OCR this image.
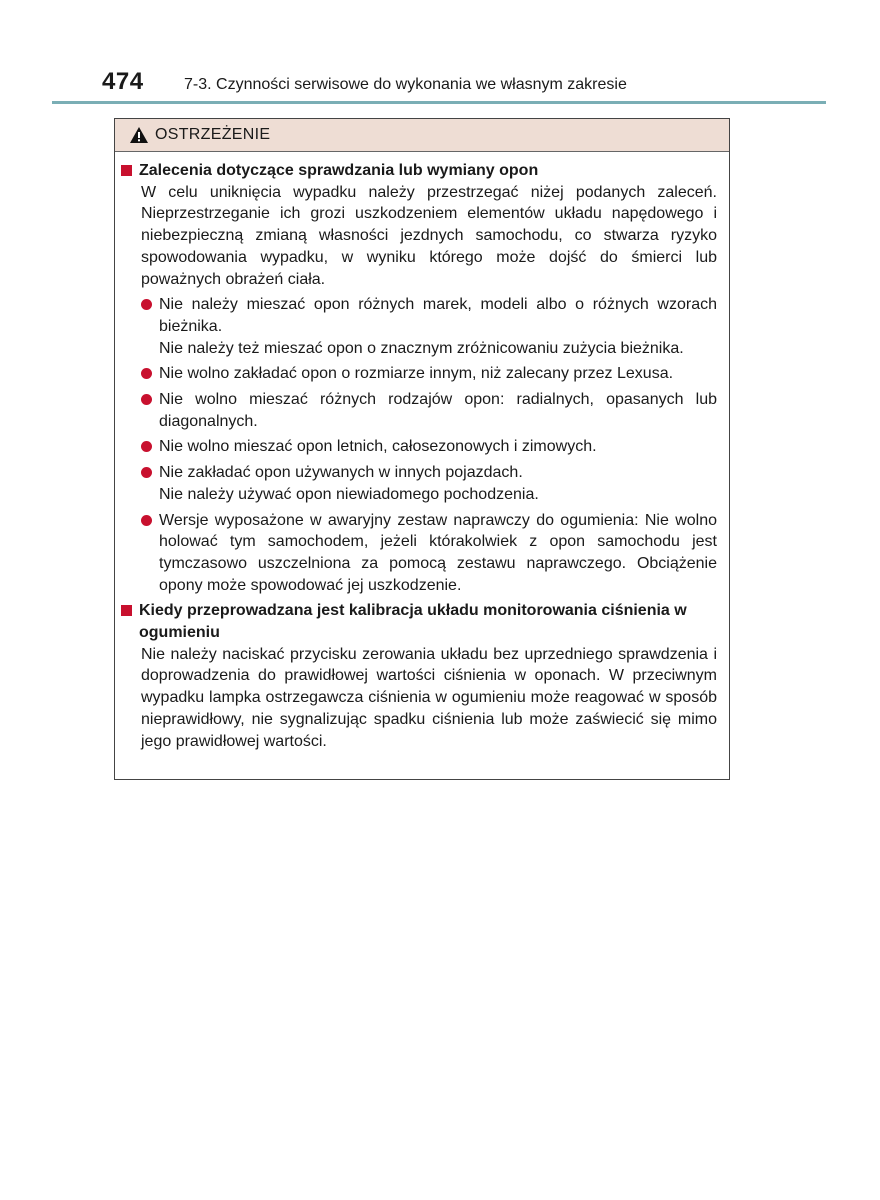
474	7-3. Czynności serwisowe do wykonania we własnym zakresie
OSTRZEŻENIE
Zalecenia dotyczące sprawdzania lub wymiany opon
W celu uniknięcia wypadku należy przestrzegać niżej podanych zaleceń. Nieprzestrzeganie ich grozi uszkodzeniem elementów układu napędowego i niebezpieczną zmianą własności jezdnych samochodu, co stwarza ryzyko spowodowania wypadku, w wyniku którego może dojść do śmierci lub poważnych obrażeń ciała.
Nie należy mieszać opon różnych marek, modeli albo o różnych wzorach bieżnika.
Nie należy też mieszać opon o znacznym zróżnicowaniu zużycia bieżnika.
Nie wolno zakładać opon o rozmiarze innym, niż zalecany przez Lexusa.
Nie wolno mieszać różnych rodzajów opon: radialnych, opasanych lub diagonalnych.
Nie wolno mieszać opon letnich, całosezonowych i zimowych.
Nie zakładać opon używanych w innych pojazdach.
Nie należy używać opon niewiadomego pochodzenia.
Wersje wyposażone w awaryjny zestaw naprawczy do ogumienia: Nie wolno holować tym samochodem, jeżeli którakolwiek z opon samochodu jest tymczasowo uszczelniona za pomocą zestawu naprawczego. Obciążenie opony może spowodować jej uszkodzenie.
Kiedy przeprowadzana jest kalibracja układu monitorowania ciśnienia w ogumieniu
Nie należy naciskać przycisku zerowania układu bez uprzedniego sprawdzenia i doprowadzenia do prawidłowej wartości ciśnienia w oponach. W przeciwnym wypadku lampka ostrzegawcza ciśnienia w ogumieniu może reagować w sposób nieprawidłowy, nie sygnalizując spadku ciśnienia lub może zaświecić się mimo jego prawidłowej wartości.
